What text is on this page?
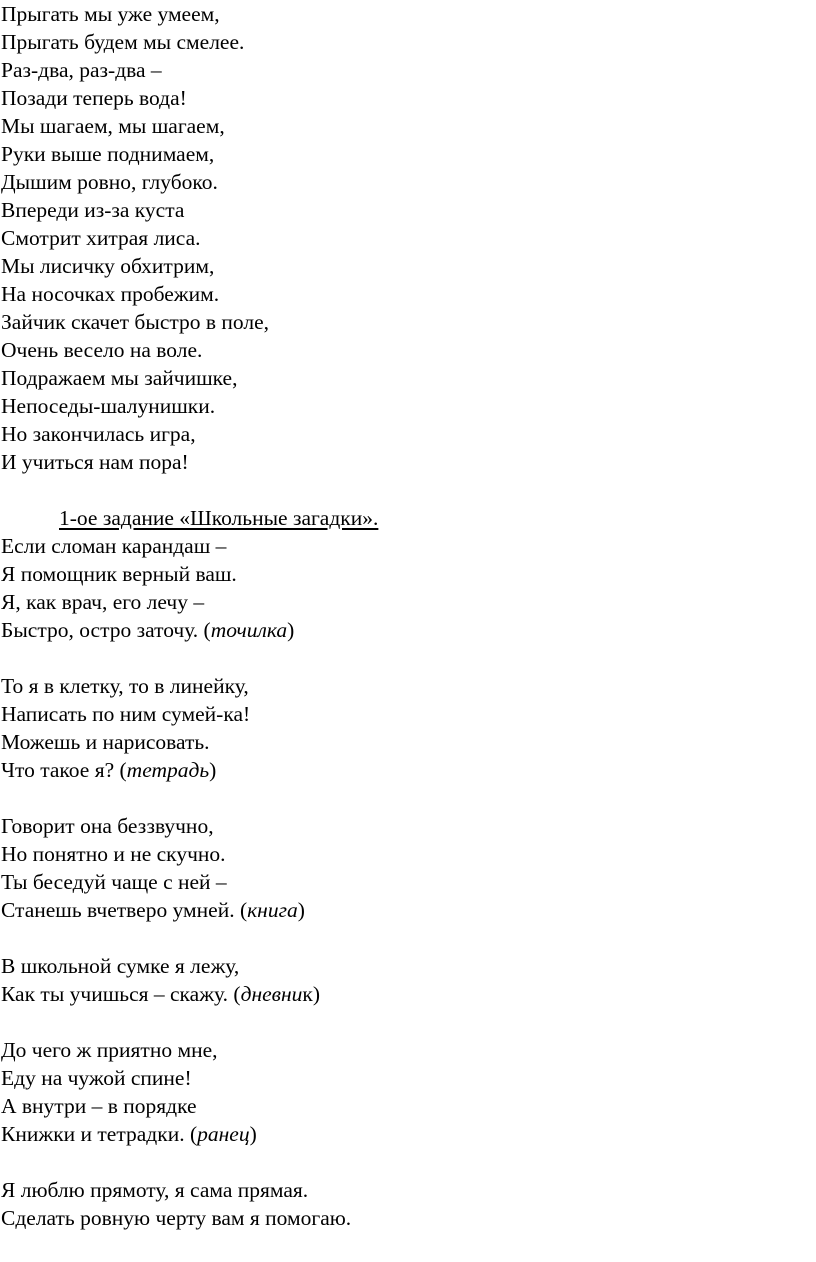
Прыгать мы уже умеем,
Прыгать будем мы смелее.
Раз-два, раз-два –
Позади теперь вода!
Мы шагаем, мы шагаем,
Руки выше поднимаем,
Дышим ровно, глубоко.
Впереди из-за куста
Смотрит хитрая лиса.
Мы лисичку обхитрим,
На носочках пробежим.
Зайчик скачет быстро в поле,
Очень весело на воле.
Подражаем мы зайчишке,
Непоседы-шалунишки.
Но закончилась игра,
И учиться нам пора!
1-ое задание «Школьные загадки».
Если сломан карандаш –
Я помощник верный ваш.
Я, как врач, его лечу –
Быстро, остро заточу. (точилка)
То я в клетку, то в линейку,
Написать по ним сумей-ка!
Можешь и нарисовать.
Что такое я? (тетрадь)
Говорит она беззвучно,
Но понятно и не скучно.
Ты беседуй чаще с ней –
Станешь вчетверо умней. (книга)
В школьной сумке я лежу,
Как ты учишься – скажу. (дневник)
До чего ж приятно мне,
Еду на чужой спине!
А внутри – в порядке
Книжки и тетрадки. (ранец)
Я люблю прямоту, я сама прямая.
Сделать ровную черту вам я помогаю.
